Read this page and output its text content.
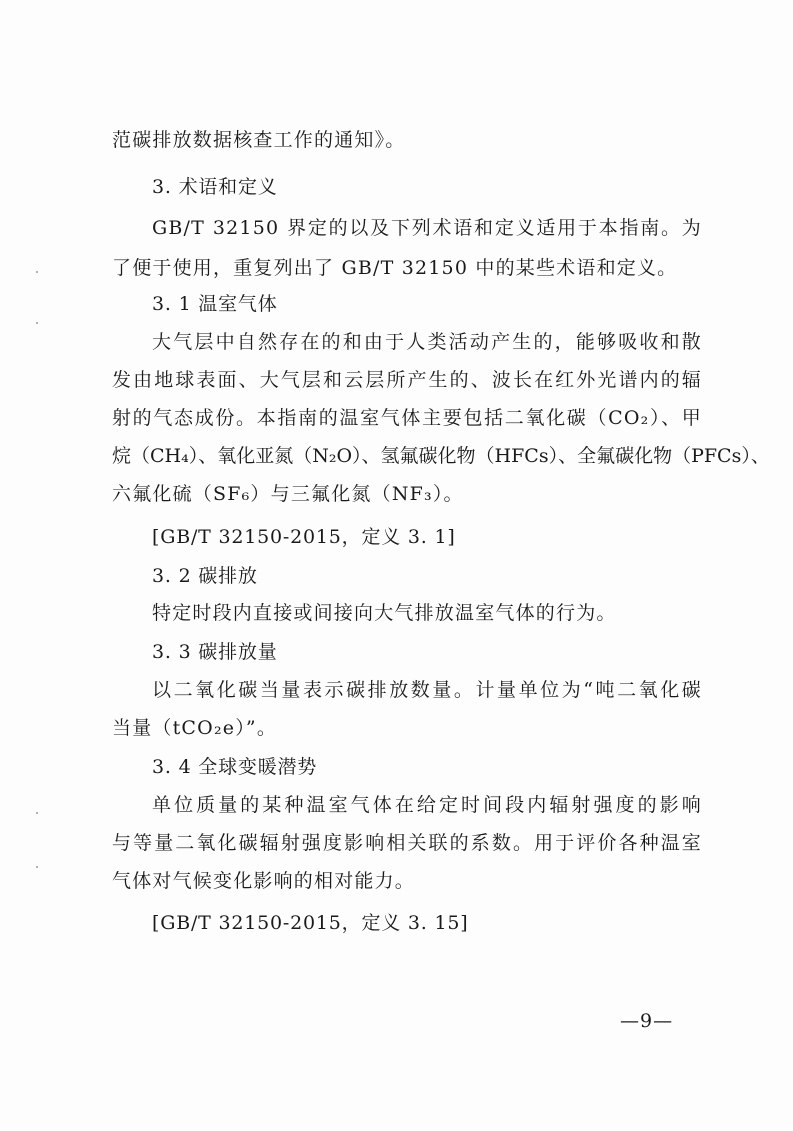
范碳排放数据核查工作的通知》。
3. 术语和定义
GB/T 32150 界定的以及下列术语和定义适用于本指南。为
了便于使用，重复列出了 GB/T 32150 中的某些术语和定义。
3. 1 温室气体
大气层中自然存在的和由于人类活动产生的，能够吸收和散
发由地球表面、大气层和云层所产生的、波长在红外光谱内的辐
射的气态成份。本指南的温室气体主要包括二氧化碳（CO₂）、甲
烷（CH₄）、氧化亚氮（N₂O）、氢氟碳化物（HFCs）、全氟碳化物（PFCs）、
六氟化硫（SF₆）与三氟化氮（NF₃）。
[GB/T 32150-2015，定义 3. 1]
3. 2 碳排放
特定时段内直接或间接向大气排放温室气体的行为。
3. 3 碳排放量
以二氧化碳当量表示碳排放数量。计量单位为“吨二氧化碳
当量（tCO₂e）”。
3. 4 全球变暖潜势
单位质量的某种温室气体在给定时间段内辐射强度的影响
与等量二氧化碳辐射强度影响相关联的系数。用于评价各种温室
气体对气候变化影响的相对能力。
[GB/T 32150-2015，定义 3. 15]
—9—
